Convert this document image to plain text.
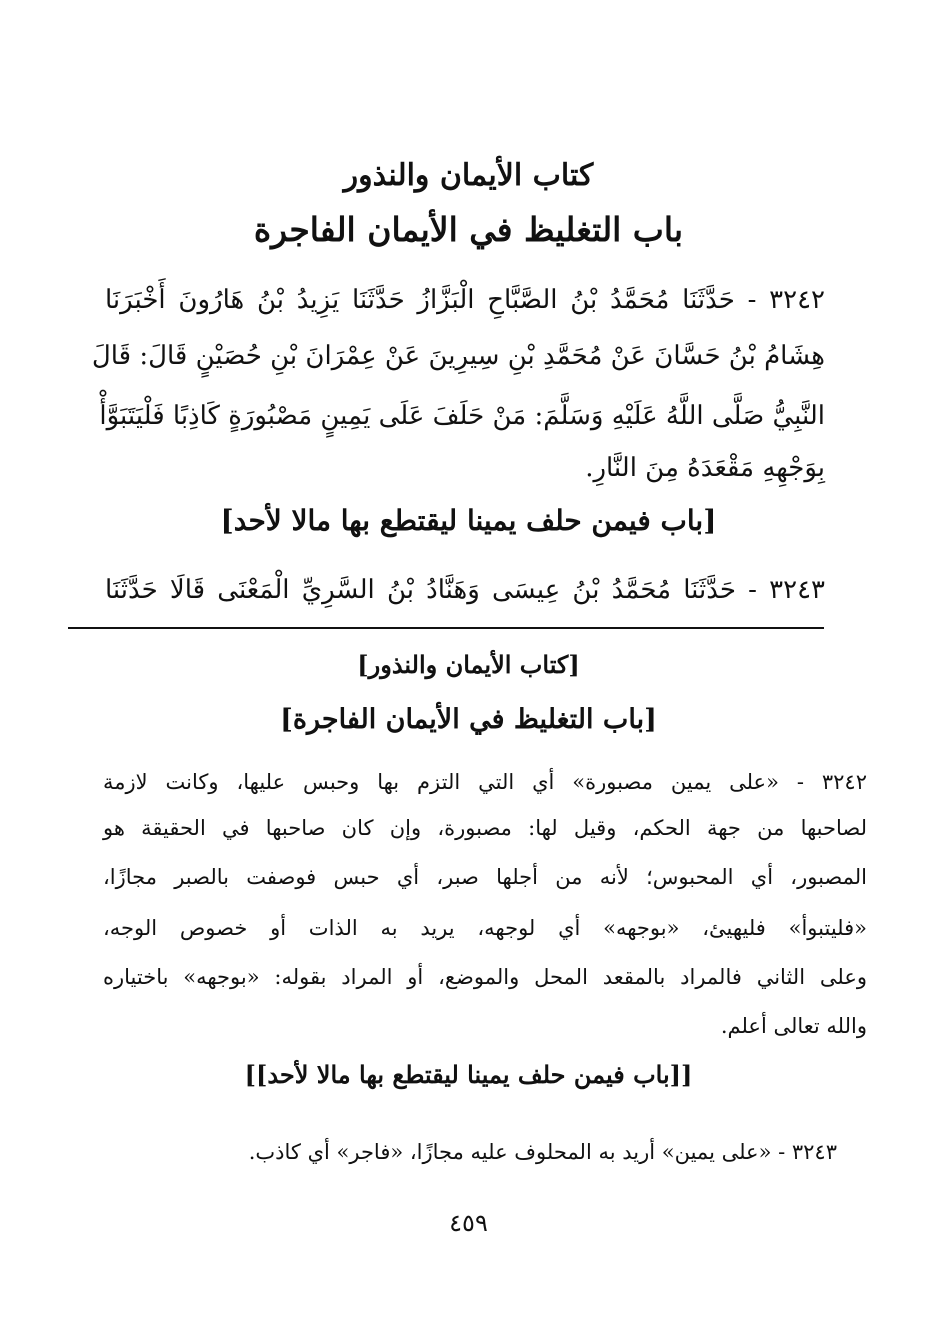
كتاب الأيمان والنذور
باب التغليظ في الأيمان الفاجرة
٣٢٤٢ - حَدَّثَنَا مُحَمَّدُ بْنُ الصَّبَّاحِ الْبَزَّازُ حَدَّثَنَا يَزِيدُ بْنُ هَارُونَ أَخْبَرَنَا
هِشَامُ بْنُ حَسَّانَ عَنْ مُحَمَّدِ بْنِ سِيرِينَ عَنْ عِمْرَانَ بْنِ حُصَيْنٍ قَالَ: قَالَ
النَّبِيُّ صَلَّى اللَّهُ عَلَيْهِ وَسَلَّمَ: مَنْ حَلَفَ عَلَى يَمِينٍ مَصْبُورَةٍ كَاذِبًا فَلْيَتَبَوَّأْ
بِوَجْهِهِ مَقْعَدَهُ مِنَ النَّارِ.
[باب فيمن حلف يمينا ليقتطع بها مالا لأحد]
٣٢٤٣ - حَدَّثَنَا مُحَمَّدُ بْنُ عِيسَى وَهَنَّادُ بْنُ السَّرِيِّ الْمَعْنَى قَالَا حَدَّثَنَا
[كتاب الأيمان والنذور]
[باب التغليظ في الأيمان الفاجرة]
٣٢٤٢ - «على يمين مصبورة» أي التي التزم بها وحبس عليها، وكانت لازمة
لصاحبها من جهة الحكم، وقيل لها: مصبورة، وإن كان صاحبها في الحقيقة هو
المصبور، أي المحبوس؛ لأنه من أجلها صبر، أي حبس فوصفت بالصبر مجازًا،
«فليتبوأ» فليهيئ، «بوجهه» أي لوجهه، يريد به الذات أو خصوص الوجه،
وعلى الثاني فالمراد بالمقعد المحل والموضع، أو المراد بقوله: «بوجهه» باختياره
والله تعالى أعلم.
[[باب فيمن حلف يمينا ليقتطع بها مالا لأحد]]
٣٢٤٣ - «على يمين» أريد به المحلوف عليه مجازًا، «فاجر» أي كاذب.
٤٥٩
